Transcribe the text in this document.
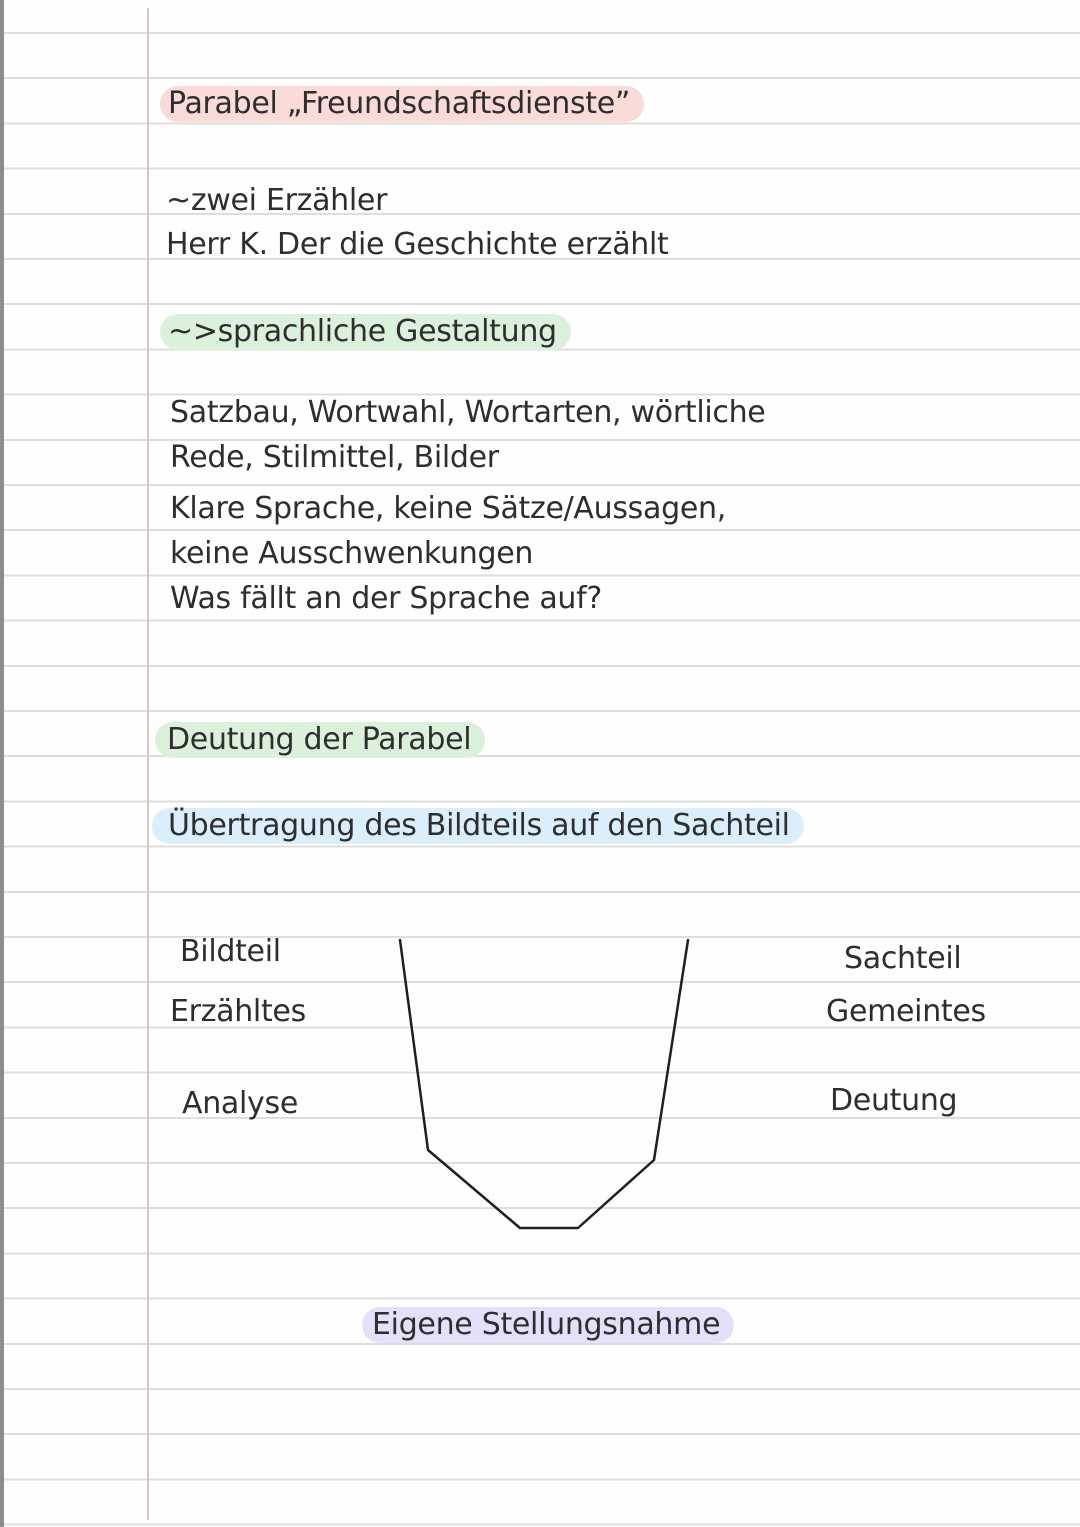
Parabel „Freundschaftsdienste”
~zwei Erzähler
Herr K. Der die Geschichte erzählt
~>sprachliche Gestaltung
Satzbau, Wortwahl, Wortarten, wörtliche
Rede, Stilmittel, Bilder
Klare Sprache, keine Sätze/Aussagen,
keine Ausschwenkungen
Was fällt an der Sprache auf?
Deutung der Parabel
Übertragung des Bildteils auf den Sachteil
Bildteil
Erzähltes
Analyse
Sachteil
Gemeintes
Deutung
Eigene Stellungsnahme
